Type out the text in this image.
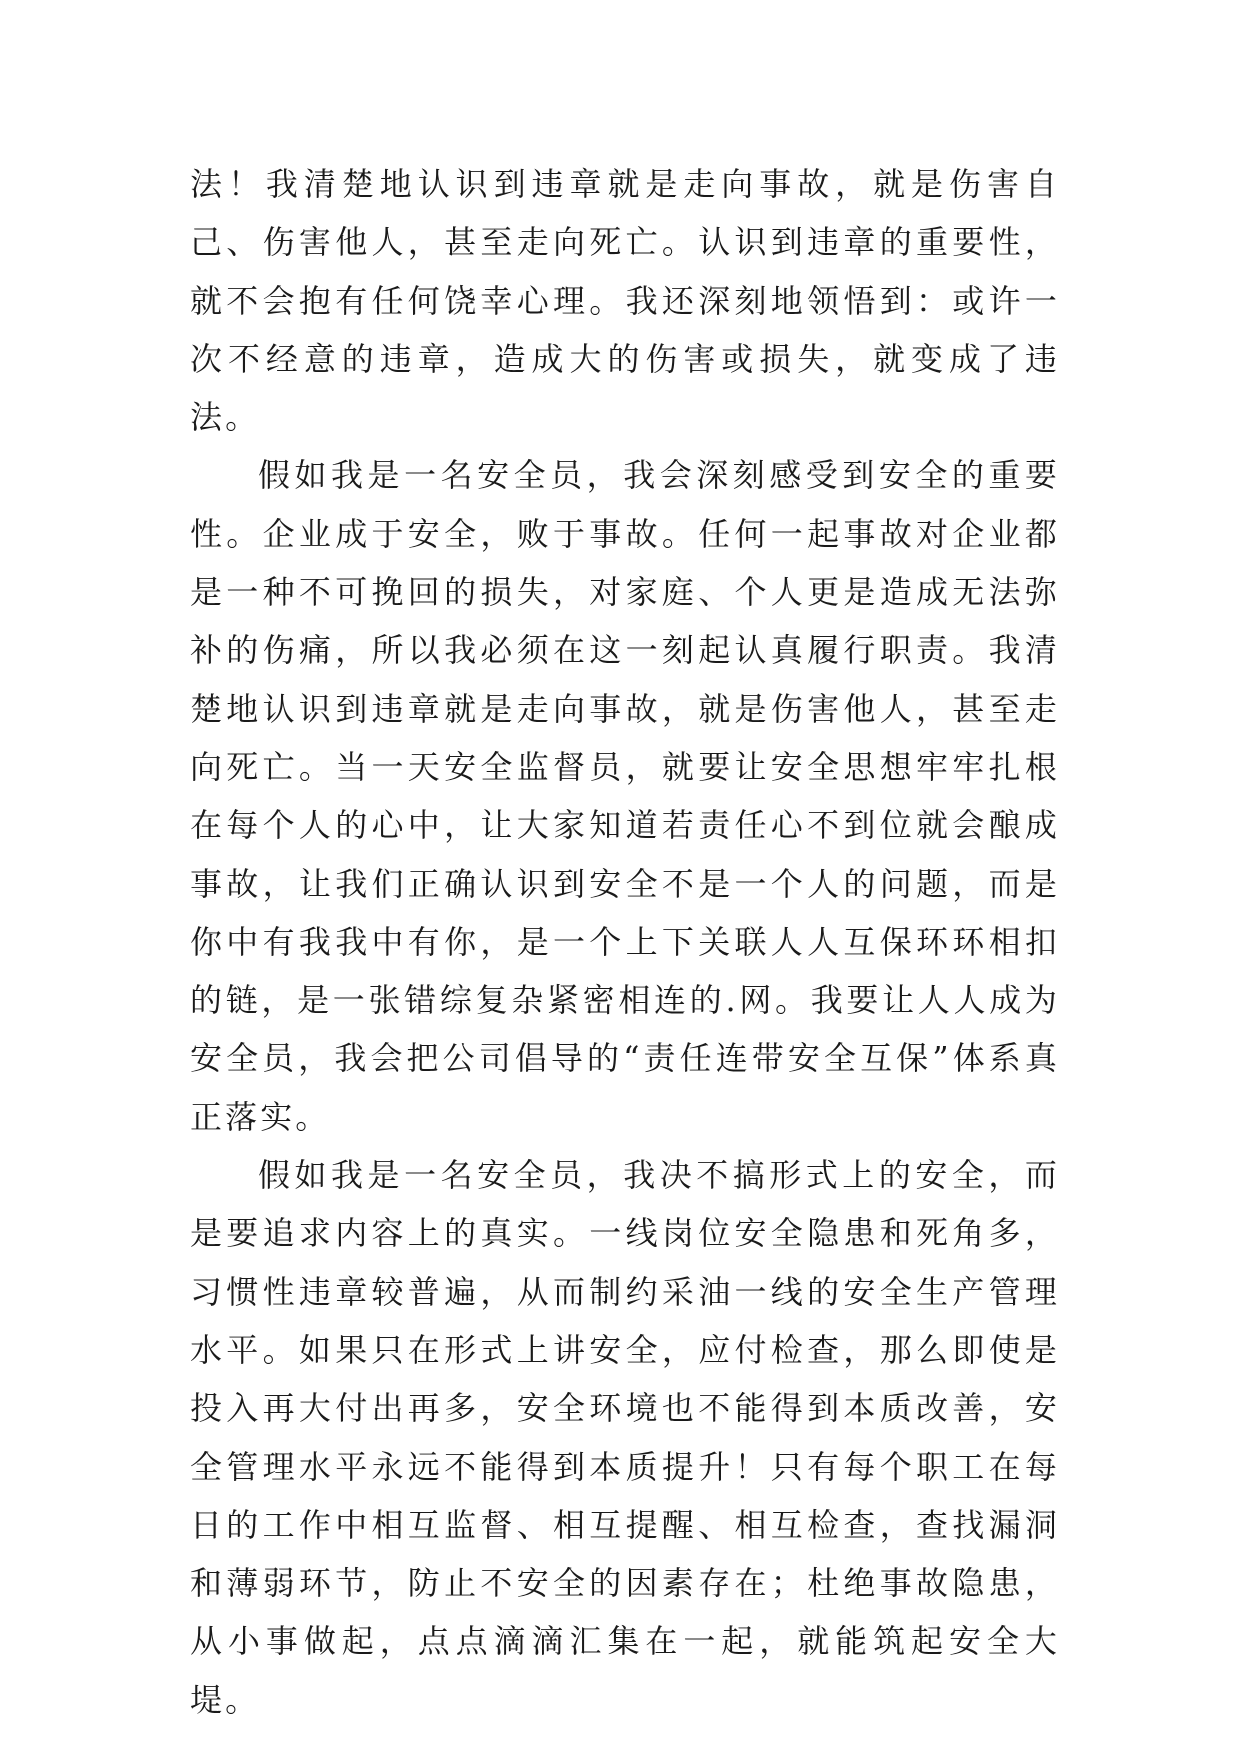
法！我清楚地认识到违章就是走向事故，就是伤害自己、伤害他人，甚至走向死亡。认识到违章的重要性，就不会抱有任何饶幸心理。我还深刻地领悟到：或许一次不经意的违章，造成大的伤害或损失，就变成了违法。

假如我是一名安全员，我会深刻感受到安全的重要性。企业成于安全，败于事故。任何一起事故对企业都是一种不可挽回的损失，对家庭、个人更是造成无法弥补的伤痛，所以我必须在这一刻起认真履行职责。我清楚地认识到违章就是走向事故，就是伤害他人，甚至走向死亡。当一天安全监督员，就要让安全思想牢牢扎根在每个人的心中，让大家知道若责任心不到位就会酿成事故，让我们正确认识到安全不是一个人的问题，而是你中有我我中有你，是一个上下关联人人互保环环相扣的链，是一张错综复杂紧密相连的.网。我要让人人成为安全员，我会把公司倡导的“责任连带安全互保”体系真正落实。

假如我是一名安全员，我决不搞形式上的安全，而是要追求内容上的真实。一线岗位安全隐患和死角多，习惯性违章较普遍，从而制约采油一线的安全生产管理水平。如果只在形式上讲安全，应付检查，那么即使是投入再大付出再多，安全环境也不能得到本质改善，安全管理水平永远不能得到本质提升！只有每个职工在每日的工作中相互监督、相互提醒、相互检查，查找漏洞和薄弱环节，防止不安全的因素存在；杜绝事故隐患，从小事做起，点点滴滴汇集在一起，就能筑起安全大堤。
